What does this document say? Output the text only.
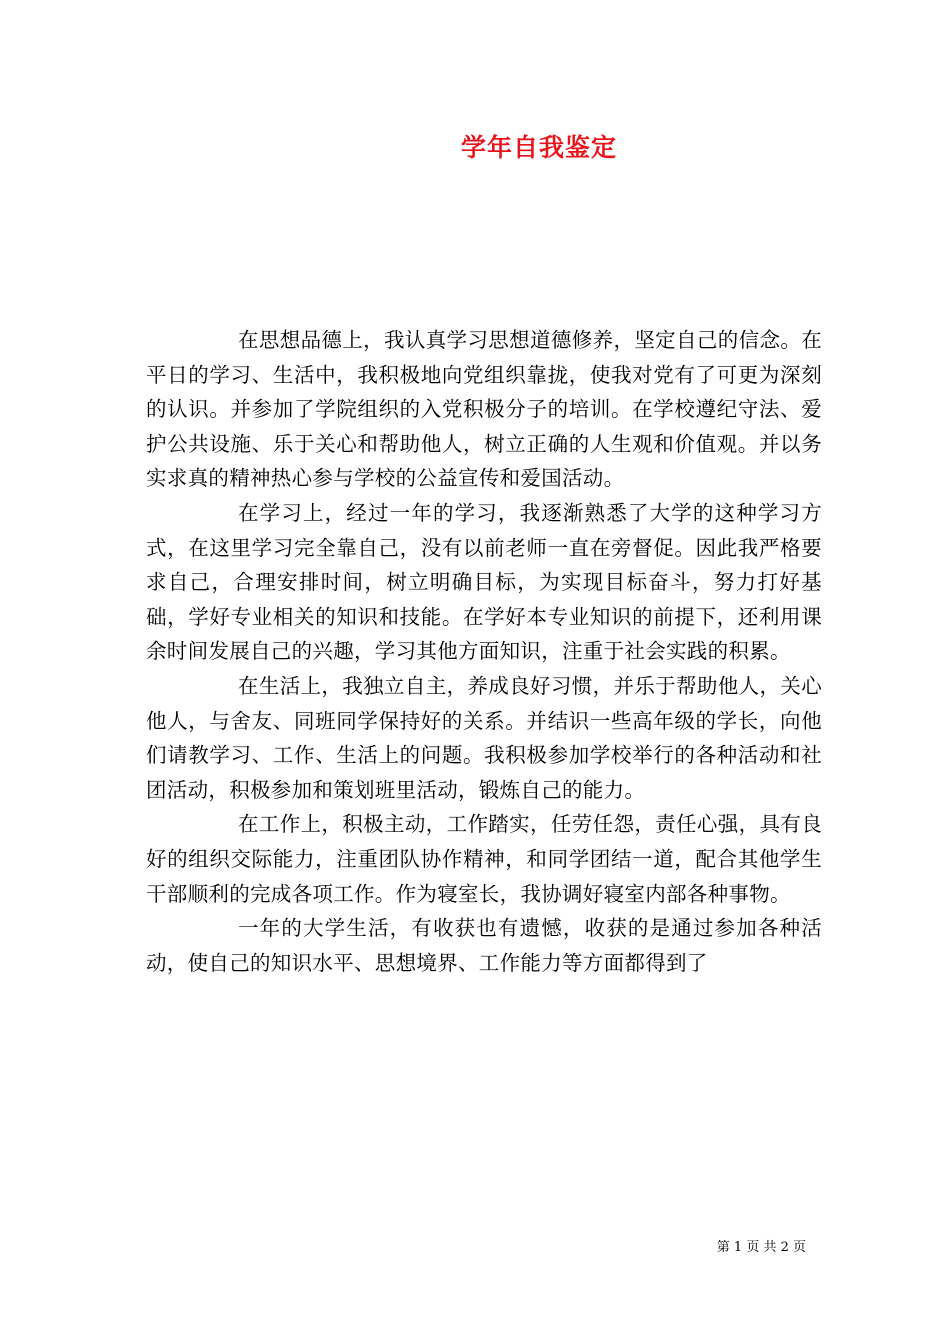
学年自我鉴定

在思想品德上，我认真学习思想道德修养，坚定自己的信念。在平日的学习、生活中，我积极地向党组织靠拢，使我对党有了可更为深刻的认识。并参加了学院组织的入党积极分子的培训。在学校遵纪守法、爱护公共设施、乐于关心和帮助他人，树立正确的人生观和价值观。并以务实求真的精神热心参与学校的公益宣传和爱国活动。

在学习上，经过一年的学习，我逐渐熟悉了大学的这种学习方式，在这里学习完全靠自己，没有以前老师一直在旁督促。因此我严格要求自己，合理安排时间，树立明确目标，为实现目标奋斗，努力打好基础，学好专业相关的知识和技能。在学好本专业知识的前提下，还利用课余时间发展自己的兴趣，学习其他方面知识，注重于社会实践的积累。

在生活上，我独立自主，养成良好习惯，并乐于帮助他人，关心他人，与舍友、同班同学保持好的关系。并结识一些高年级的学长，向他们请教学习、工作、生活上的问题。我积极参加学校举行的各种活动和社团活动，积极参加和策划班里活动，锻炼自己的能力。

在工作上，积极主动，工作踏实，任劳任怨，责任心强，具有良好的组织交际能力，注重团队协作精神，和同学团结一道，配合其他学生干部顺利的完成各项工作。作为寝室长，我协调好寝室内部各种事物。

一年的大学生活，有收获也有遗憾，收获的是通过参加各种活动，使自己的知识水平、思想境界、工作能力等方面都得到了

第 1 页 共 2 页
